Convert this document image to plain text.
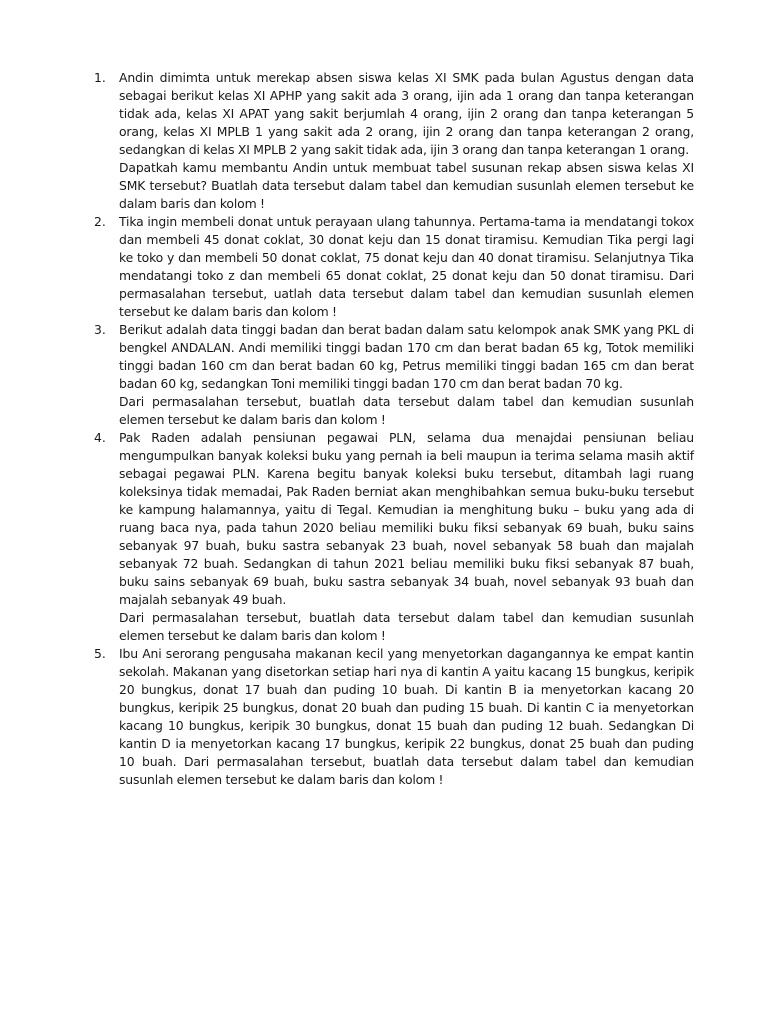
1. Andin dimimta untuk merekap absen siswa kelas XI SMK pada bulan Agustus dengan data sebagai berikut kelas XI APHP yang sakit ada 3 orang, ijin ada 1 orang dan tanpa keterangan tidak ada, kelas XI APAT yang sakit berjumlah 4 orang, ijin 2 orang dan tanpa keterangan 5 orang, kelas XI MPLB 1 yang sakit ada 2 orang, ijin 2 orang dan tanpa keterangan 2 orang, sedangkan di kelas XI MPLB 2 yang sakit tidak ada, ijin 3 orang dan tanpa keterangan 1 orang.

Dapatkah kamu membantu Andin untuk membuat tabel susunan rekap absen siswa kelas XI SMK tersebut? Buatlah data tersebut dalam tabel dan kemudian susunlah elemen tersebut ke dalam baris dan kolom !

2. Tika ingin membeli donat untuk perayaan ulang tahunnya. Pertama-tama ia mendatangi tokox dan membeli 45 donat coklat, 30 donat keju dan 15 donat tiramisu. Kemudian Tika pergi lagi ke toko y dan membeli 50 donat coklat, 75 donat keju dan 40 donat tiramisu. Selanjutnya Tika mendatangi toko z dan membeli 65 donat coklat, 25 donat keju dan 50 donat tiramisu. Dari permasalahan tersebut, uatlah data tersebut dalam tabel dan kemudian susunlah elemen tersebut ke dalam baris dan kolom !

3. Berikut adalah data tinggi badan dan berat badan dalam satu kelompok anak SMK yang PKL di bengkel ANDALAN. Andi memiliki tinggi badan 170 cm dan berat badan 65 kg, Totok memiliki tinggi badan 160 cm dan berat badan 60 kg, Petrus memiliki tinggi badan 165 cm dan berat badan 60 kg, sedangkan Toni memiliki tinggi badan 170 cm dan berat badan 70 kg.

Dari permasalahan tersebut, buatlah data tersebut dalam tabel dan kemudian susunlah elemen tersebut ke dalam baris dan kolom !

4. Pak Raden adalah pensiunan pegawai PLN, selama dua menajdai pensiunan beliau mengumpulkan banyak koleksi buku yang pernah ia beli maupun ia terima selama masih aktif sebagai pegawai PLN. Karena begitu banyak koleksi buku tersebut, ditambah lagi ruang koleksinya tidak memadai, Pak Raden berniat akan menghibahkan semua buku-buku tersebut ke kampung halamannya, yaitu di Tegal. Kemudian ia menghitung buku – buku yang ada di ruang baca nya, pada tahun 2020 beliau memiliki buku fiksi sebanyak 69 buah, buku sains sebanyak 97 buah, buku sastra sebanyak 23 buah, novel sebanyak 58 buah dan majalah sebanyak 72 buah. Sedangkan di tahun 2021 beliau memiliki buku fiksi sebanyak 87 buah, buku sains sebanyak 69 buah, buku sastra sebanyak 34 buah, novel sebanyak 93 buah dan majalah sebanyak 49 buah.

Dari permasalahan tersebut, buatlah data tersebut dalam tabel dan kemudian susunlah elemen tersebut ke dalam baris dan kolom !

5. Ibu Ani serorang pengusaha makanan kecil yang menyetorkan dagangannya ke empat kantin sekolah. Makanan yang disetorkan setiap hari nya di kantin A yaitu kacang 15 bungkus, keripik 20 bungkus, donat 17 buah dan puding 10 buah. Di kantin B ia menyetorkan kacang 20 bungkus, keripik 25 bungkus, donat 20 buah dan puding 15 buah. Di kantin C ia menyetorkan kacang 10 bungkus, keripik 30 bungkus, donat 15 buah dan puding 12 buah. Sedangkan Di kantin D ia menyetorkan kacang 17 bungkus, keripik 22 bungkus, donat 25 buah dan puding 10 buah. Dari permasalahan tersebut, buatlah data tersebut dalam tabel dan kemudian susunlah elemen tersebut ke dalam baris dan kolom !
